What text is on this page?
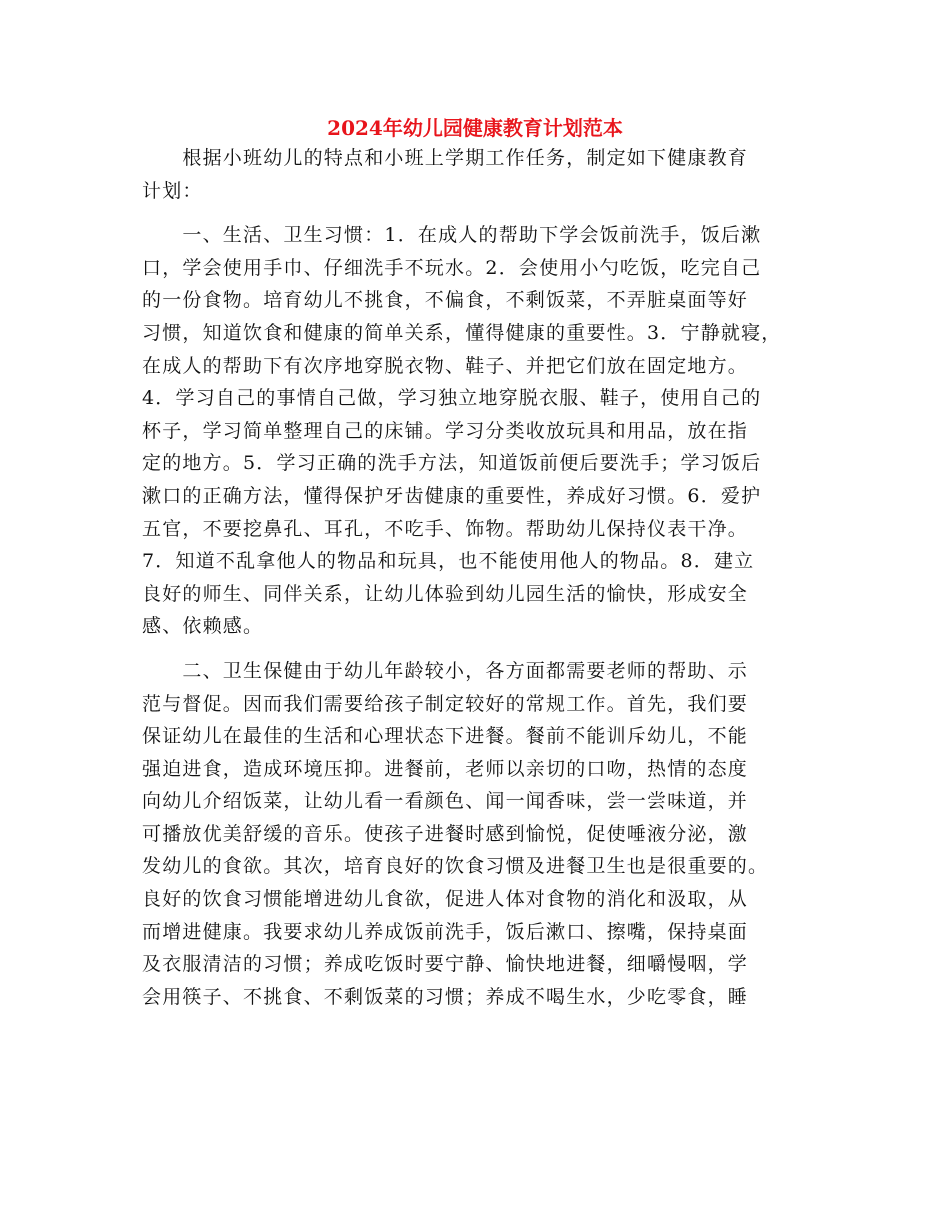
2024年幼儿园健康教育计划范本
　　根据小班幼儿的特点和小班上学期工作任务，制定如下健康教育
计划：
　　一、生活、卫生习惯：1．在成人的帮助下学会饭前洗手，饭后漱
口，学会使用手巾、仔细洗手不玩水。2．会使用小勺吃饭，吃完自己
的一份食物。培育幼儿不挑食，不偏食，不剩饭菜，不弄脏桌面等好
习惯，知道饮食和健康的简单关系，懂得健康的重要性。3．宁静就寝，
在成人的帮助下有次序地穿脱衣物、鞋子、并把它们放在固定地方。
4．学习自己的事情自己做，学习独立地穿脱衣服、鞋子，使用自己的
杯子，学习简单整理自己的床铺。学习分类收放玩具和用品，放在指
定的地方。5．学习正确的洗手方法，知道饭前便后要洗手；学习饭后
漱口的正确方法，懂得保护牙齿健康的重要性，养成好习惯。6．爱护
五官，不要挖鼻孔、耳孔，不吃手、饰物。帮助幼儿保持仪表干净。
7．知道不乱拿他人的物品和玩具，也不能使用他人的物品。8．建立
良好的师生、同伴关系，让幼儿体验到幼儿园生活的愉快，形成安全
感、依赖感。
　　二、卫生保健由于幼儿年龄较小，各方面都需要老师的帮助、示
范与督促。因而我们需要给孩子制定较好的常规工作。首先，我们要
保证幼儿在最佳的生活和心理状态下进餐。餐前不能训斥幼儿，不能
强迫进食，造成环境压抑。进餐前，老师以亲切的口吻，热情的态度
向幼儿介绍饭菜，让幼儿看一看颜色、闻一闻香味，尝一尝味道，并
可播放优美舒缓的音乐。使孩子进餐时感到愉悦，促使唾液分泌，激
发幼儿的食欲。其次，培育良好的饮食习惯及进餐卫生也是很重要的。
良好的饮食习惯能增进幼儿食欲，促进人体对食物的消化和汲取，从
而增进健康。我要求幼儿养成饭前洗手，饭后漱口、擦嘴，保持桌面
及衣服清洁的习惯；养成吃饭时要宁静、愉快地进餐，细嚼慢咽，学
会用筷子、不挑食、不剩饭菜的习惯；养成不喝生水，少吃零食，睡
